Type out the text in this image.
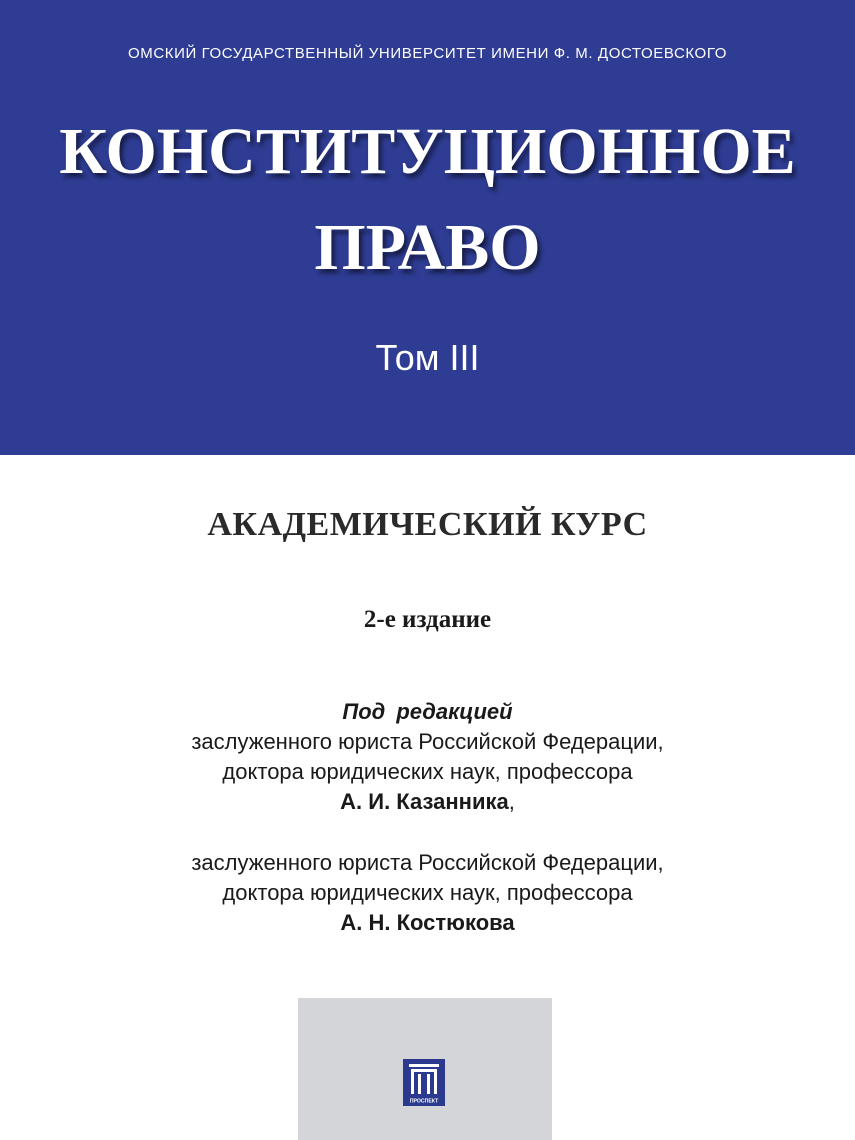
ОМСКИЙ ГОСУДАРСТВЕННЫЙ УНИВЕРСИТЕТ ИМЕНИ Ф. М. ДОСТОЕВСКОГО
КОНСТИТУЦИОННОЕ
ПРАВО
Том III
АКАДЕМИЧЕСКИЙ КУРС
2-е издание
Под редакцией
заслуженного юриста Российской Федерации,
доктора юридических наук, профессора
А. И. Казанника,
заслуженного юриста Российской Федерации,
доктора юридических наук, профессора
А. Н. Костюкова
ПРОСПЕКТ
